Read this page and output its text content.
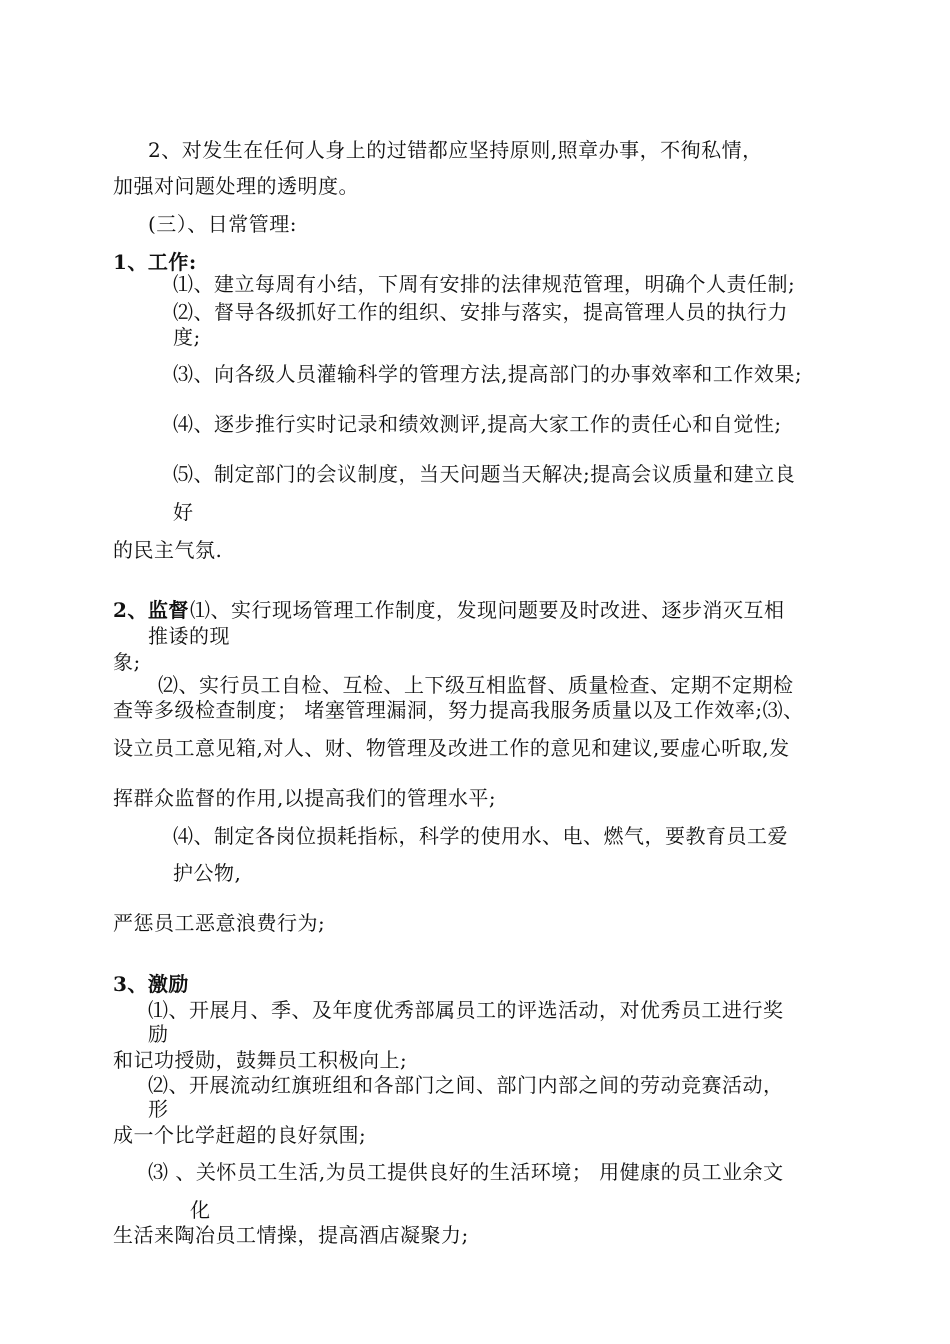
2、对发生在任何人身上的过错都应坚持原则,照章办事，不徇私情，
加强对问题处理的透明度。
(三）、日常管理:
1、工作:
⑴、建立每周有小结，下周有安排的法律规范管理，明确个人责任制;
⑵、督导各级抓好工作的组织、安排与落实，提高管理人员的执行力
度;
⑶、向各级人员灌输科学的管理方法,提高部门的办事效率和工作效果;
⑷、逐步推行实时记录和绩效测评,提高大家工作的责任心和自觉性;
⑸、制定部门的会议制度，当天问题当天解决;提高会议质量和建立良
好
的民主气氛.
2、监督 ⑴、实行现场管理工作制度，发现问题要及时改进、逐步消灭互相
推诿的现
象;
⑵、实行员工自检、互检、上下级互相监督、质量检查、定期不定期检
查等多级检查制度； 堵塞管理漏洞，努力提高我服务质量以及工作效率;⑶、
设立员工意见箱,对人、财、物管理及改进工作的意见和建议,要虚心听取,发
挥群众监督的作用,以提高我们的管理水平;
⑷、制定各岗位损耗指标，科学的使用水、电、燃气，要教育员工爱
护公物,
严惩员工恶意浪费行为;
3、激励
⑴、开展月、季、及年度优秀部属员工的评选活动，对优秀员工进行奖
励
和记功授勋，鼓舞员工积极向上;
⑵、开展流动红旗班组和各部门之间、部门内部之间的劳动竞赛活动，
形
成一个比学赶超的良好氛围;
⑶ 、关怀员工生活,为员工提供良好的生活环境； 用健康的员工业余文
化
生活来陶冶员工情操，提高酒店凝聚力;
